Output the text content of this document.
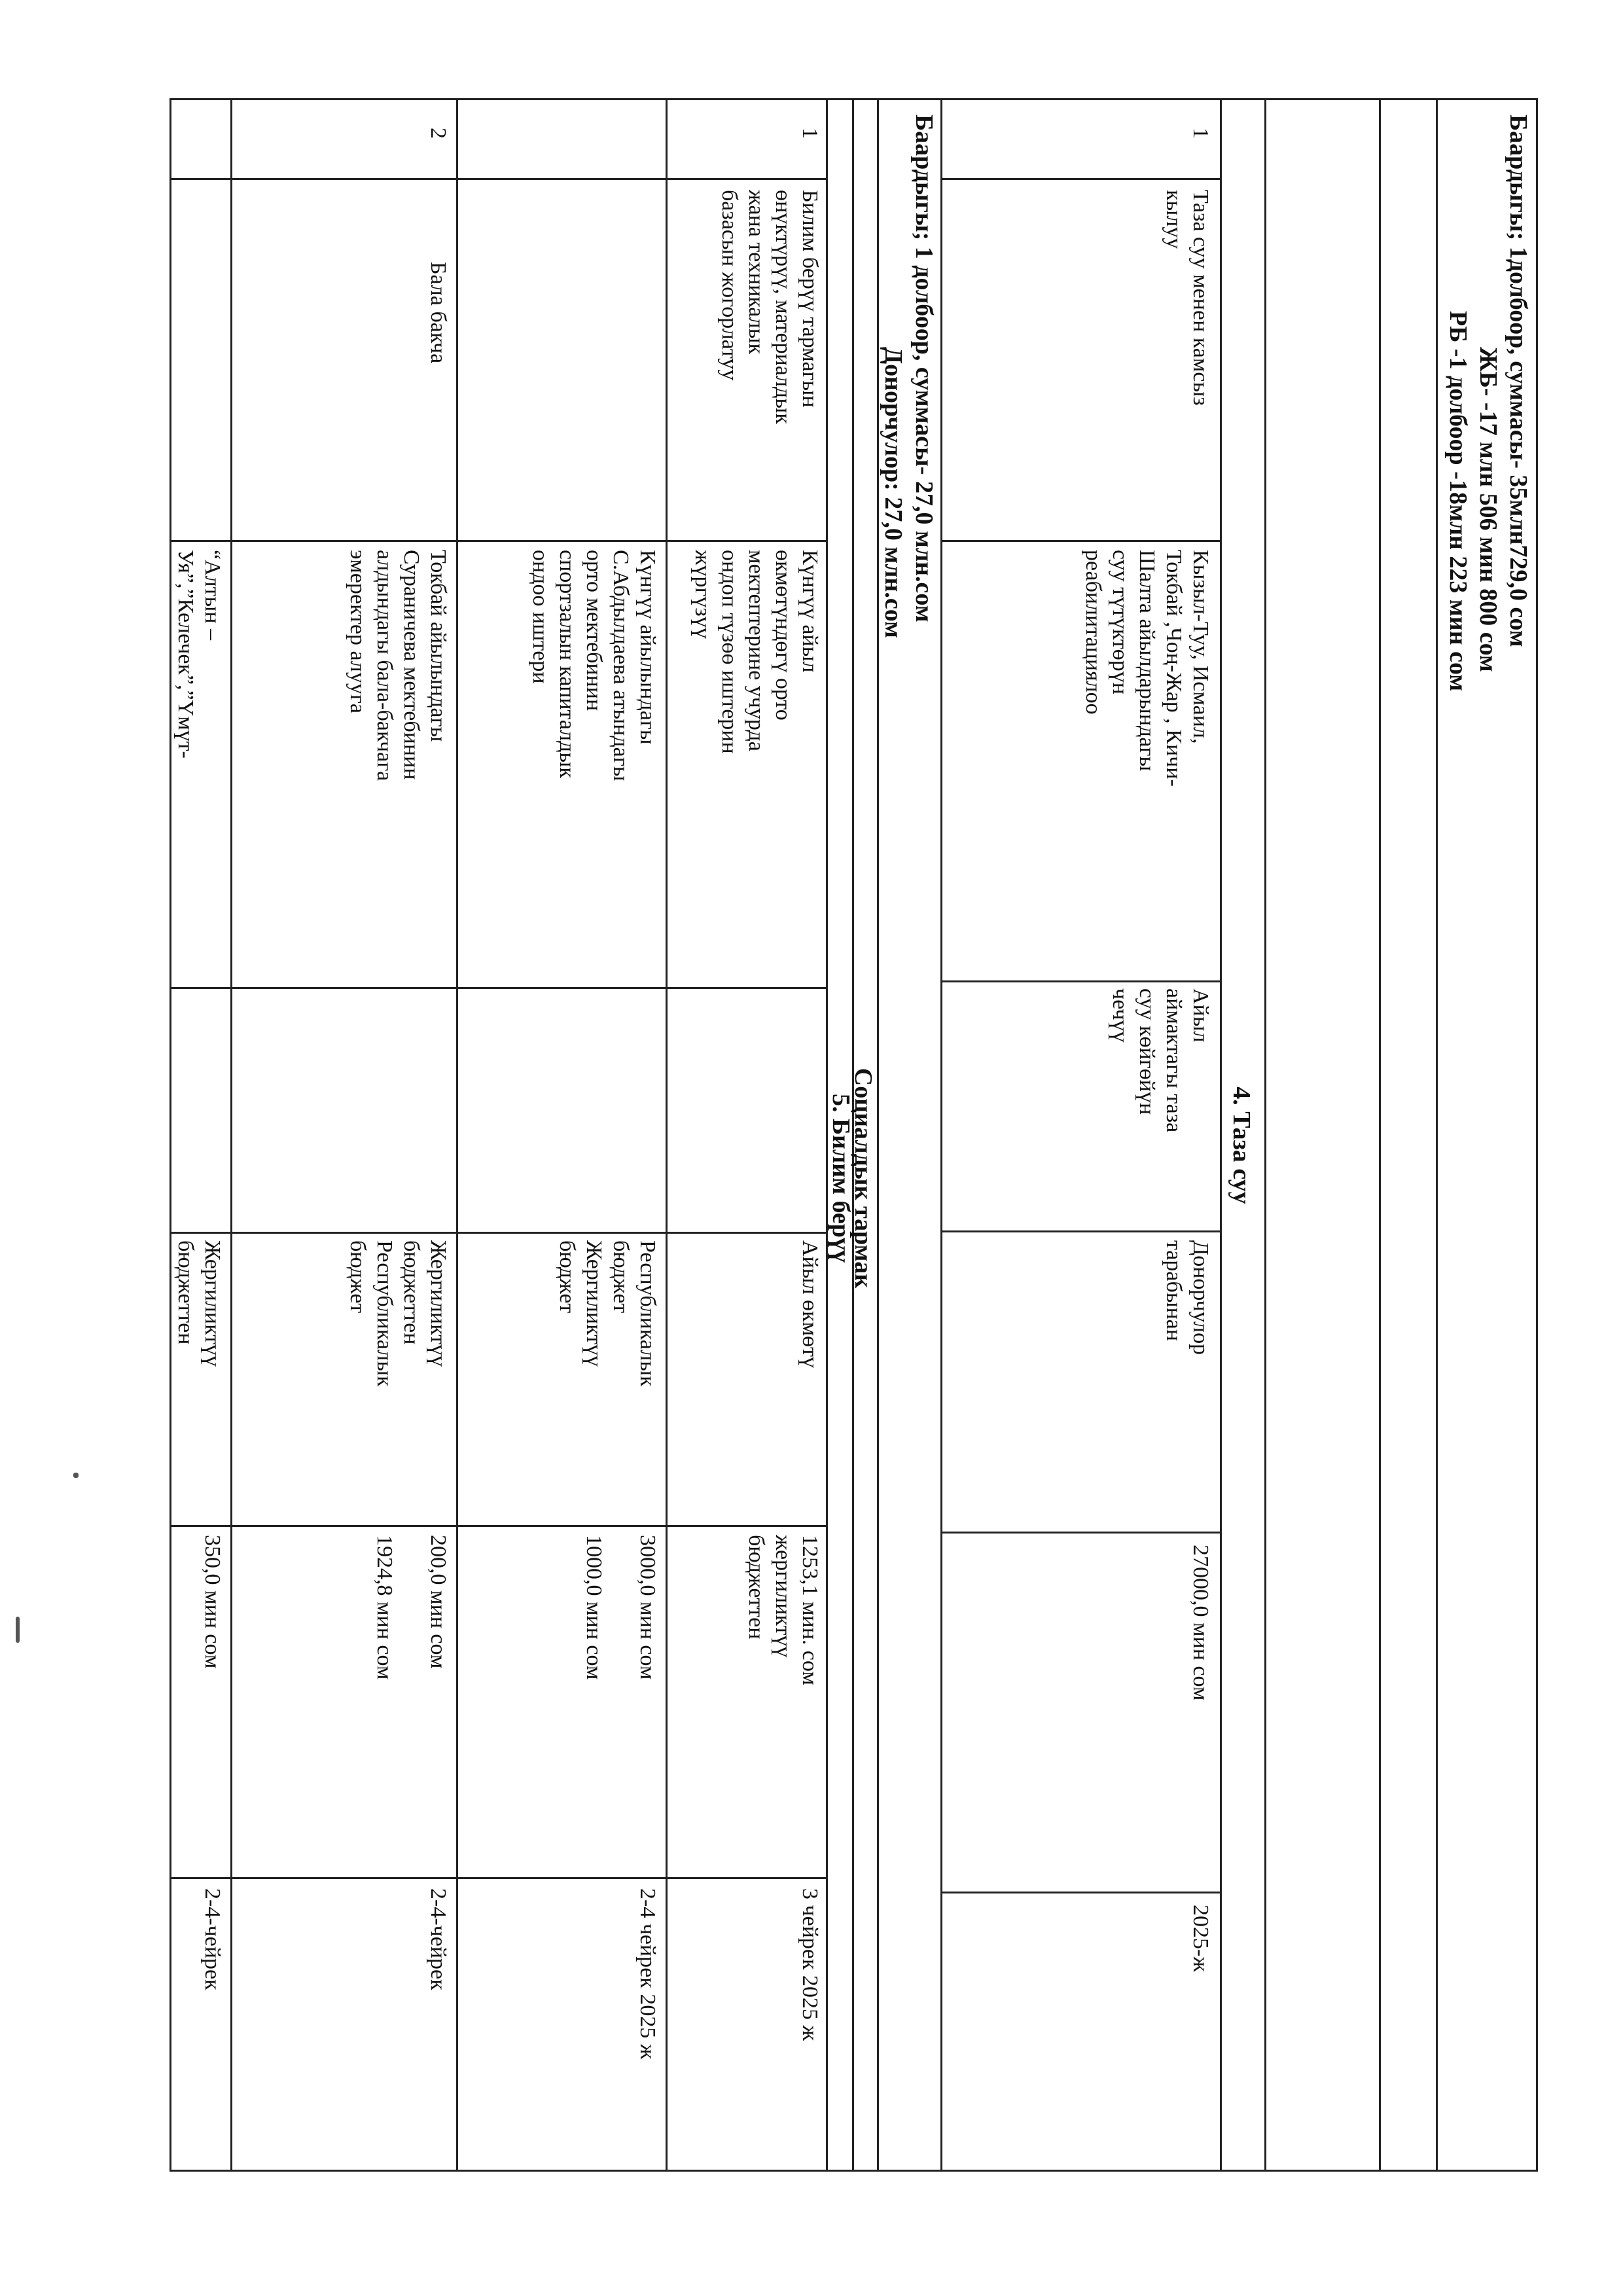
Баардыгы; 1долбоор, суммасы- 35млн729,0 сом
ЖБ- -17 млн 506 мин 800 сом
РБ -1 долбоор -18млн 223 мин сом
4. Таза суу
1
Таза суу менен камсыз
кылуу
Кызыл-Туу, Исмаил,
Токбай ,Чоң-Жар , Кичи-
Шалта айылдарындагы
суу түтүктөрүн
реабилитациялоо
Айыл
аймактагы таза
суу көйгөйүн
чечүү
Донорчулор
тарабынан
27000,0 мин сом
2025-ж
Баардыгы; 1 долбоор, суммасы- 27,0 млн.сом
Донорчулор: 27,0 млн.сом
Социалдык тармак
5. Билим берүү
1
Билим берүү тармагын
өнүктүрүү, материалдык
жана техникалык
базасын жогорлатуу
Күнгүү айыл
өкмөтүндөгү орто
мектептерине учурда
ондоп түзөө иштерин
жүргүзүү
Айыл өкмөтү
1253,1 мин. сом
жергиликтүү
бюджеттен
3 чейрек 2025 ж
Күнгүү айылындагы
С.Абдылдаева атындагы
орто мектебинин
спортзалын капиталдык
ондоо иштери
Республикалык
бюджет
Жергиликтүү
бюджет
3000,0 мин сом

1000,0 мин сом
2-4 чейрек 2025 ж
2
Бала бакча
Токбай айылындагы
Сураничева мектебинин
алдындагы бала-бакчага
эмеректер алууга
Жергиликтүү
бюджеттен
Республикалык
бюджет
200,0 мин сом

1924,8 мин сом
2-4-чейрек
“Алтын –
Уя”,”Келечек”,”Үмүт-
Жергиликтүү
бюджеттен
350,0 мин сом
2-4-чейрек
